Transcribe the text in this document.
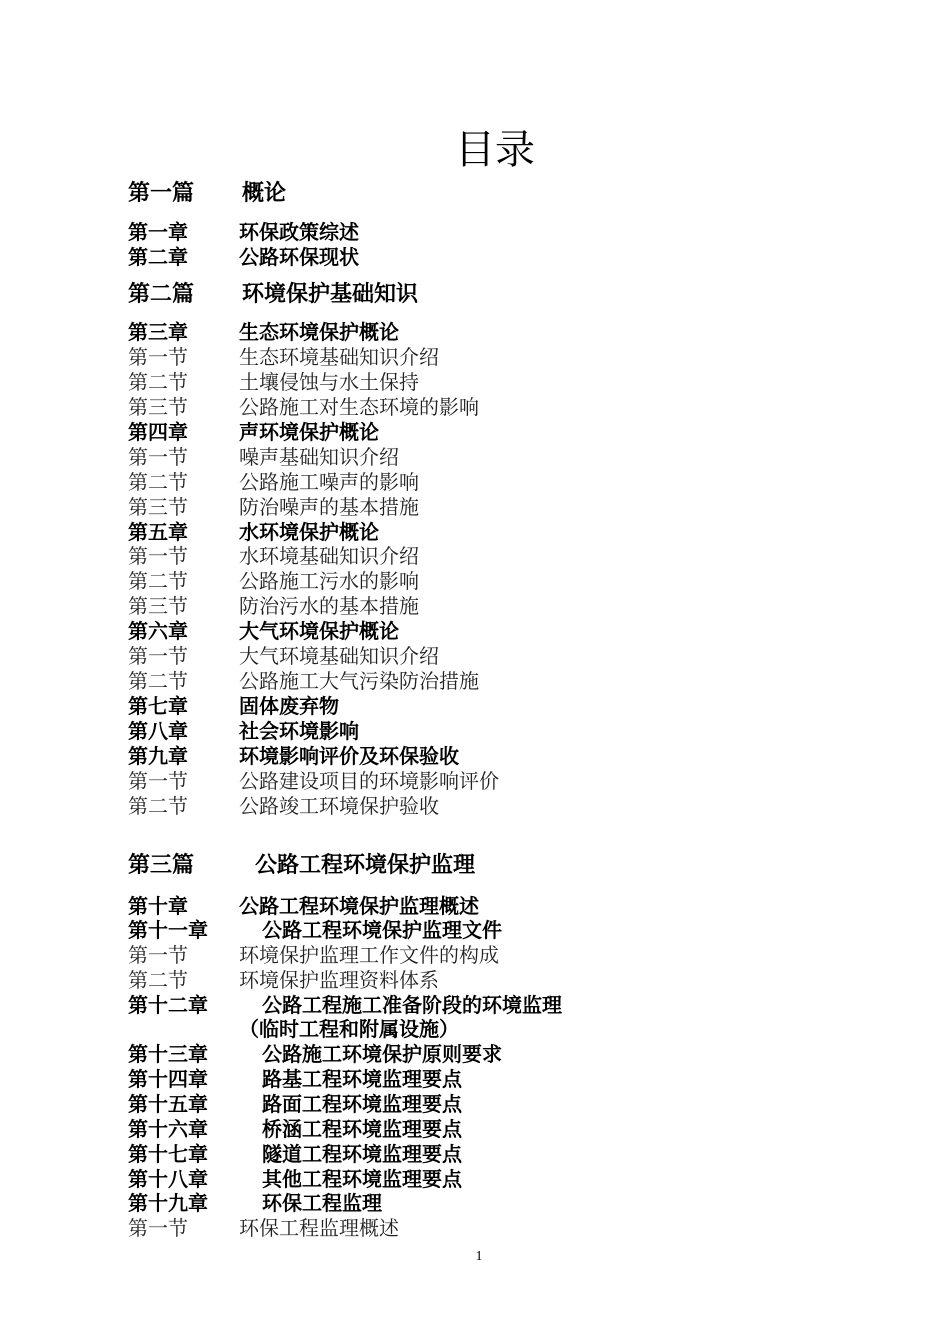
目录
第一篇 概论
第一章	环保政策综述
第二章	公路环保现状
第二篇 环境保护基础知识
第三章	生态环境保护概论
第一节	生态环境基础知识介绍
第二节	土壤侵蚀与水土保持
第三节	公路施工对生态环境的影响
第四章	声环境保护概论
第一节	噪声基础知识介绍
第二节	公路施工噪声的影响
第三节	防治噪声的基本措施
第五章	水环境保护概论
第一节	水环境基础知识介绍
第二节	公路施工污水的影响
第三节	防治污水的基本措施
第六章	大气环境保护概论
第一节	大气环境基础知识介绍
第二节	公路施工大气污染防治措施
第七章	固体废弃物
第八章	社会环境影响
第九章	环境影响评价及环保验收
第一节	公路建设项目的环境影响评价
第二节	公路竣工环境保护验收
第三篇	公路工程环境保护监理
第十章	公路工程环境保护监理概述
第十一章	公路工程环境保护监理文件
第一节	环境保护监理工作文件的构成
第二节	环境保护监理资料体系
第十二章	公路工程施工准备阶段的环境监理
（临时工程和附属设施）
第十三章	公路施工环境保护原则要求
第十四章	路基工程环境监理要点
第十五章	路面工程环境监理要点
第十六章	桥涵工程环境监理要点
第十七章	隧道工程环境监理要点
第十八章	其他工程环境监理要点
第十九章	环保工程监理
第一节	环保工程监理概述
1
